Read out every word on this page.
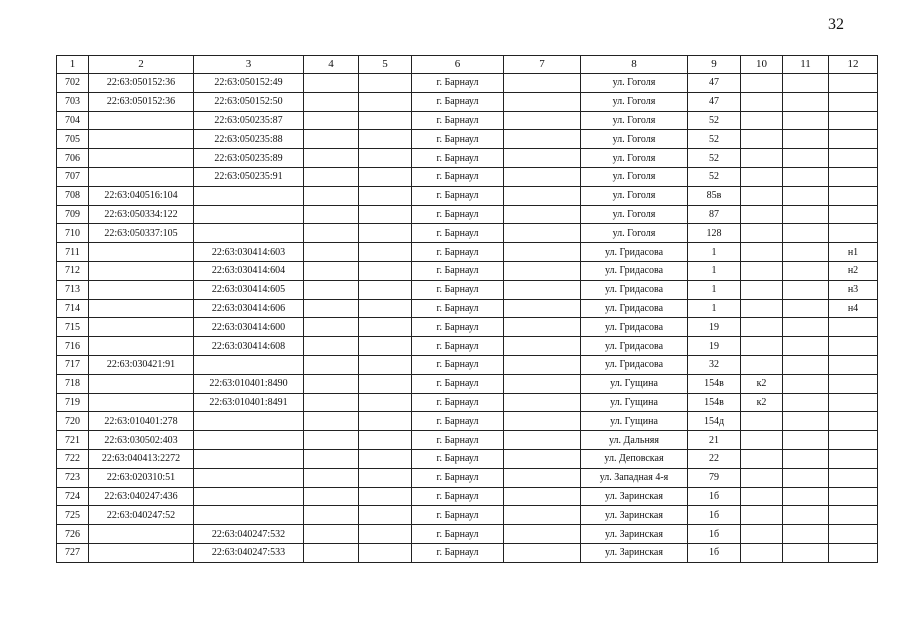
32
1	2	3	4	5	6	7	8	9	10	11	12
702	22:63:050152:36	22:63:050152:49			г. Барнаул		ул. Гоголя	47			
703	22:63:050152:36	22:63:050152:50			г. Барнаул		ул. Гоголя	47			
704		22:63:050235:87			г. Барнаул		ул. Гоголя	52			
705		22:63:050235:88			г. Барнаул		ул. Гоголя	52			
706		22:63:050235:89			г. Барнаул		ул. Гоголя	52			
707		22:63:050235:91			г. Барнаул		ул. Гоголя	52			
708	22:63:040516:104				г. Барнаул		ул. Гоголя	85в			
709	22:63:050334:122				г. Барнаул		ул. Гоголя	87			
710	22:63:050337:105				г. Барнаул		ул. Гоголя	128			
711		22:63:030414:603			г. Барнаул		ул. Гридасова	1			н1
712		22:63:030414:604			г. Барнаул		ул. Гридасова	1			н2
713		22:63:030414:605			г. Барнаул		ул. Гридасова	1			н3
714		22:63:030414:606			г. Барнаул		ул. Гридасова	1			н4
715		22:63:030414:600			г. Барнаул		ул. Гридасова	19			
716		22:63:030414:608			г. Барнаул		ул. Гридасова	19			
717	22:63:030421:91				г. Барнаул		ул. Гридасова	32			
718		22:63:010401:8490			г. Барнаул		ул. Гущина	154в	к2		
719		22:63:010401:8491			г. Барнаул		ул. Гущина	154в	к2		
720	22:63:010401:278				г. Барнаул		ул. Гущина	154д			
721	22:63:030502:403				г. Барнаул		ул. Дальняя	21			
722	22:63:040413:2272				г. Барнаул		ул. Деповская	22			
723	22:63:020310:51				г. Барнаул		ул. Западная 4-я	79			
724	22:63:040247:436				г. Барнаул		ул. Заринская	1б			
725	22:63:040247:52				г. Барнаул		ул. Заринская	1б			
726		22:63:040247:532			г. Барнаул		ул. Заринская	1б			
727		22:63:040247:533			г. Барнаул		ул. Заринская	1б			
